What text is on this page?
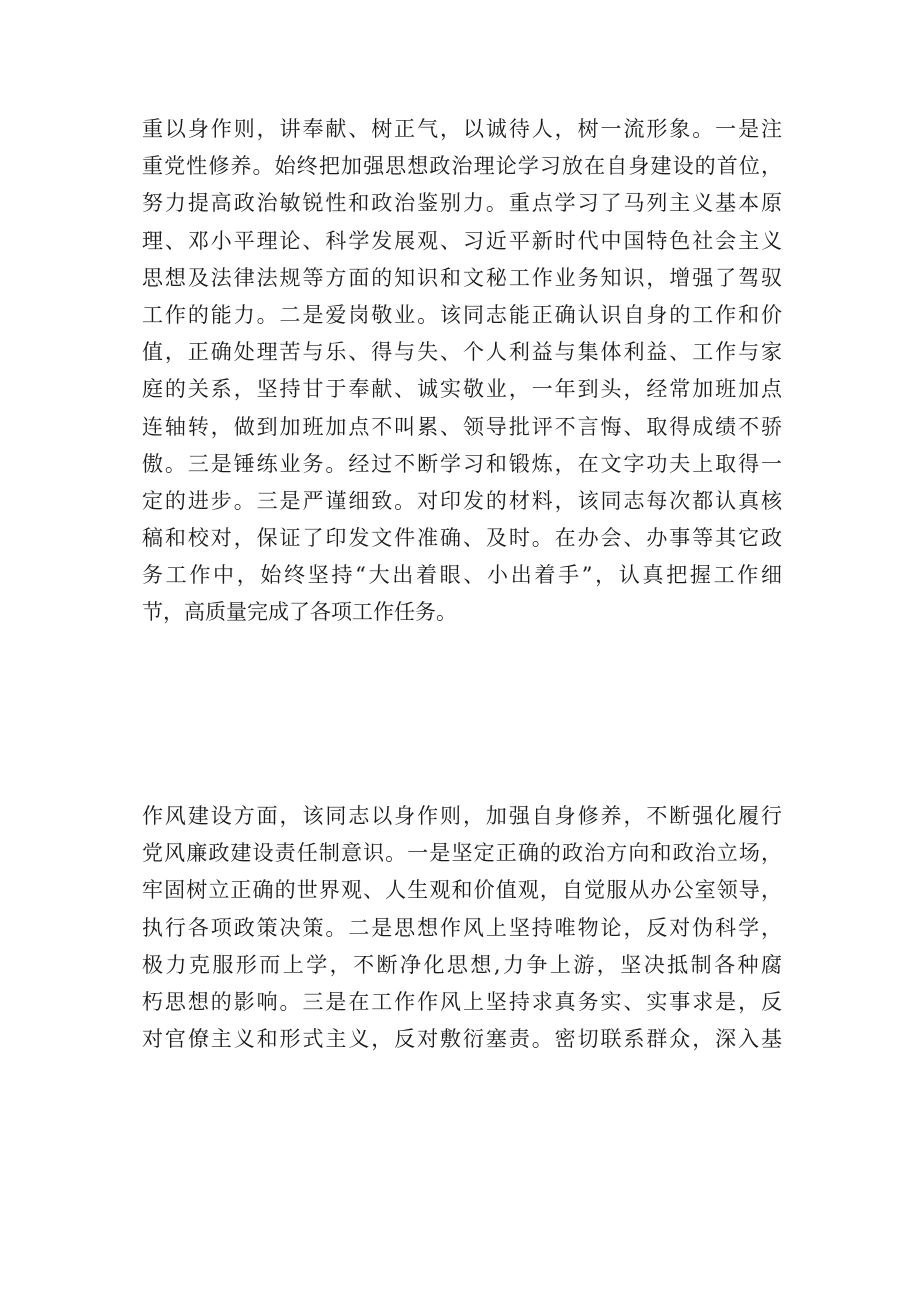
重以身作则，讲奉献、树正气，以诚待人，树一流形象。一是注
重党性修养。始终把加强思想政治理论学习放在自身建设的首位，
努力提高政治敏锐性和政治鉴别力。重点学习了马列主义基本原
理、邓小平理论、科学发展观、习近平新时代中国特色社会主义
思想及法律法规等方面的知识和文秘工作业务知识，增强了驾驭
工作的能力。二是爱岗敬业。该同志能正确认识自身的工作和价
值，正确处理苦与乐、得与失、个人利益与集体利益、工作与家
庭的关系，坚持甘于奉献、诚实敬业，一年到头，经常加班加点
连轴转，做到加班加点不叫累、领导批评不言悔、取得成绩不骄
傲。三是锤练业务。经过不断学习和锻炼，在文字功夫上取得一
定的进步。三是严谨细致。对印发的材料，该同志每次都认真核
稿和校对，保证了印发文件准确、及时。在办会、办事等其它政
务工作中，始终坚持“大出着眼、小出着手”，认真把握工作细
节，高质量完成了各项工作任务。
作风建设方面，该同志以身作则，加强自身修养，不断强化履行
党风廉政建设责任制意识。一是坚定正确的政治方向和政治立场，
牢固树立正确的世界观、人生观和价值观，自觉服从办公室领导，
执行各项政策决策。二是思想作风上坚持唯物论，反对伪科学，
极力克服形而上学，不断净化思想,力争上游，坚决抵制各种腐
朽思想的影响。三是在工作作风上坚持求真务实、实事求是，反
对官僚主义和形式主义，反对敷衍塞责。密切联系群众，深入基
